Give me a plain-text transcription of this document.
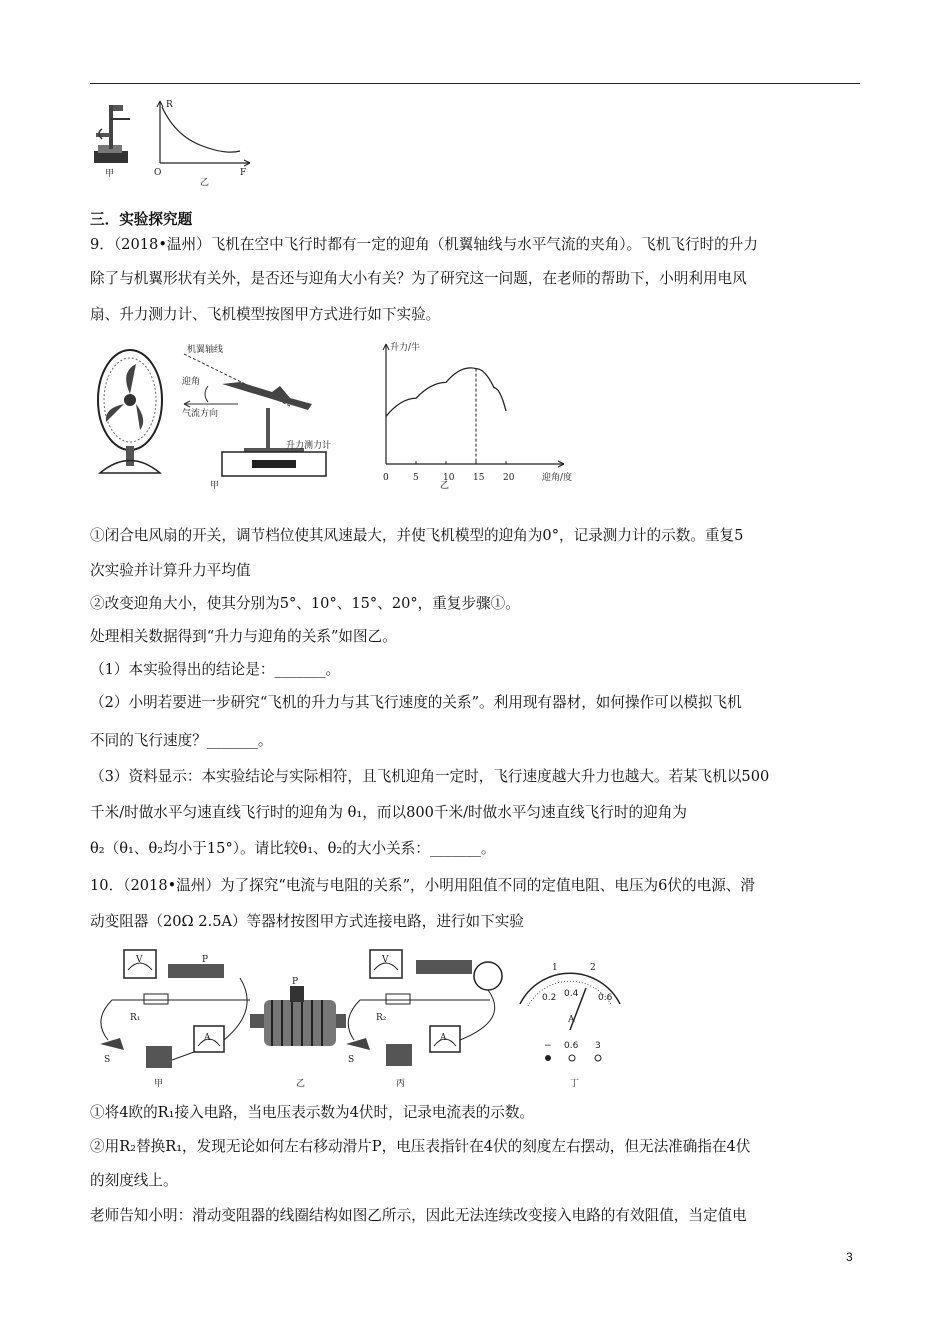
甲
R
O	F
乙
三．实验探究题
9．（2018•温州）飞机在空中飞行时都有一定的迎角（机翼轴线与水平气流的夹角）。飞机飞行时的升力
除了与机翼形状有关外，是否还与迎角大小有关？为了研究这一问题，在老师的帮助下，小明利用电风
扇、升力测力计、飞机模型按图甲方式进行如下实验。
机翼轴线
迎角
气流方向
升力测力计
甲
升力/牛
迎角/度
0	5	10 15 20
乙
①闭合电风扇的开关，调节档位使其风速最大，并使飞机模型的迎角为0°，记录测力计的示数。重复5
次实验并计算升力平均值
②改变迎角大小，使其分别为5°、10°、15°、20°，重复步骤①。
处理相关数据得到“升力与迎角的关系”如图乙。
（1）本实验得出的结论是：_______。
（2）小明若要进一步研究“飞机的升力与其飞行速度的关系”。利用现有器材，如何操作可以模拟飞机
不同的飞行速度？_______。
（3）资料显示：本实验结论与实际相符，且飞机迎角一定时，飞行速度越大升力也越大。若某飞机以500
千米/时做水平匀速直线飞行时的迎角为 θ₁，而以800千米/时做水平匀速直线飞行时的迎角为
θ₂（θ₁、θ₂均小于15°）。请比较θ₁、θ₂的大小关系：_______。
10．（2018•温州）为了探究“电流与电阻的关系”，小明用阻值不同的定值电阻、电压为6伏的电源、滑
动变阻器（20Ω 2.5A）等器材按图甲方式连接电路，进行如下实验
V	P
R₁
A
S
甲
P
乙
V
R₂
A
S
丙
1	2
0.2 0.4 0.6
A
− 0.6 3
丁
①将4欧的R₁接入电路，当电压表示数为4伏时，记录电流表的示数。
②用R₂替换R₁，发现无论如何左右移动滑片P，电压表指针在4伏的刻度左右摆动，但无法准确指在4伏
的刻度线上。
老师告知小明：滑动变阻器的线圈结构如图乙所示，因此无法连续改变接入电路的有效阻值，当定值电
3
